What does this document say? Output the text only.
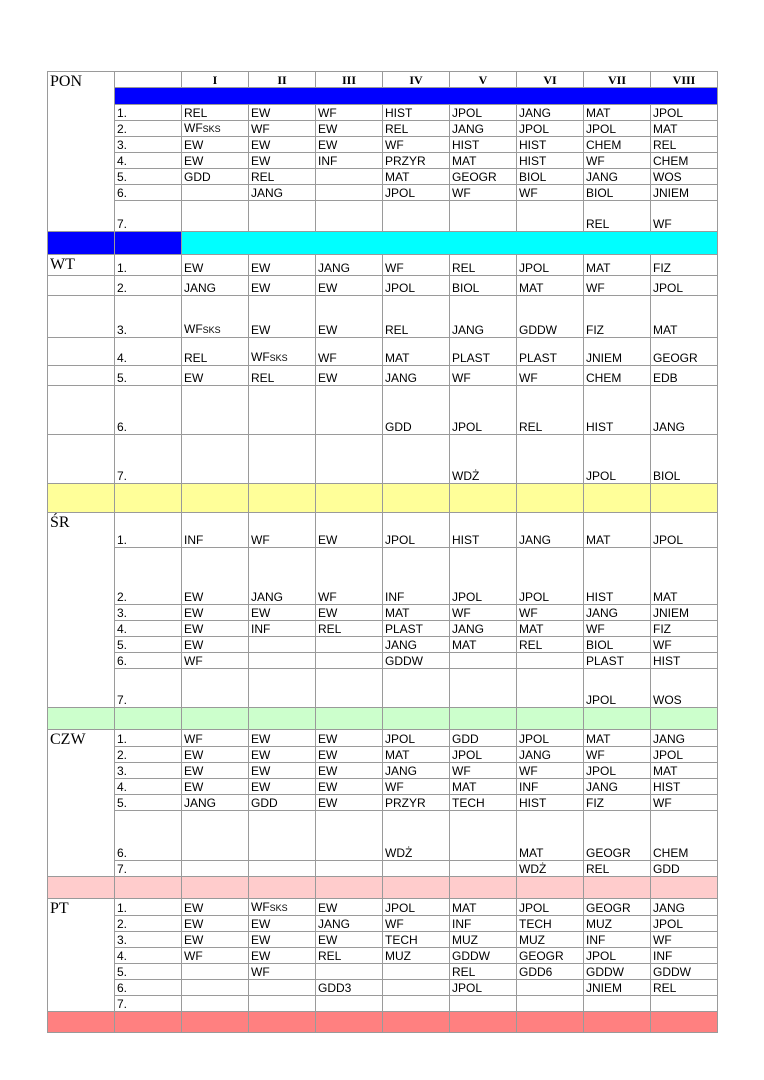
PON		I	II	III	IV	V	VI	VII	VIII

	1.	REL	EW	WF	HIST	JPOL	JANG	MAT	JPOL
	2.	WFSKS	WF	EW	REL	JANG	JPOL	JPOL	MAT
	3.	EW	EW	EW	WF	HIST	HIST	CHEM	REL
	4.	EW	EW	INF	PRZYR	MAT	HIST	WF	CHEM
	5.	GDD	REL		MAT	GEOGR	BIOL	JANG	WOS
	6.		JANG		JPOL	WF	WF	BIOL	JNIEM
	7.							REL	WF

WT	1.	EW	EW	JANG	WF	REL	JPOL	MAT	FIZ
	2.	JANG	EW	EW	JPOL	BIOL	MAT	WF	JPOL
	3.	WFSKS	EW	EW	REL	JANG	GDDW	FIZ	MAT
	4.	REL	WFSKS	WF	MAT	PLAST	PLAST	JNIEM	GEOGR
	5.	EW	REL	EW	JANG	WF	WF	CHEM	EDB
	6.				GDD	JPOL	REL	HIST	JANG
	7.					WDŻ		JPOL	BIOL

ŚR	1.	INF	WF	EW	JPOL	HIST	JANG	MAT	JPOL
	2.	EW	JANG	WF	INF	JPOL	JPOL	HIST	MAT
	3.	EW	EW	EW	MAT	WF	WF	JANG	JNIEM
	4.	EW	INF	REL	PLAST	JANG	MAT	WF	FIZ
	5.	EW			JANG	MAT	REL	BIOL	WF
	6.	WF			GDDW			PLAST	HIST
	7.							JPOL	WOS

CZW	1.	WF	EW	EW	JPOL	GDD	JPOL	MAT	JANG
	2.	EW	EW	EW	MAT	JPOL	JANG	WF	JPOL
	3.	EW	EW	EW	JANG	WF	WF	JPOL	MAT
	4.	EW	EW	EW	WF	MAT	INF	JANG	HIST
	5.	JANG	GDD	EW	PRZYR	TECH	HIST	FIZ	WF
	6.				WDŻ		MAT	GEOGR	CHEM
	7.						WDŻ	REL	GDD

PT	1.	EW	WFSKS	EW	JPOL	MAT	JPOL	GEOGR	JANG
	2.	EW	EW	JANG	WF	INF	TECH	MUZ	JPOL
	3.	EW	EW	EW	TECH	MUZ	MUZ	INF	WF
	4.	WF	EW	REL	MUZ	GDDW	GEOGR	JPOL	INF
	5.		WF			REL	GDD6	GDDW	GDDW
	6.			GDD3		JPOL		JNIEM	REL
	7.								
